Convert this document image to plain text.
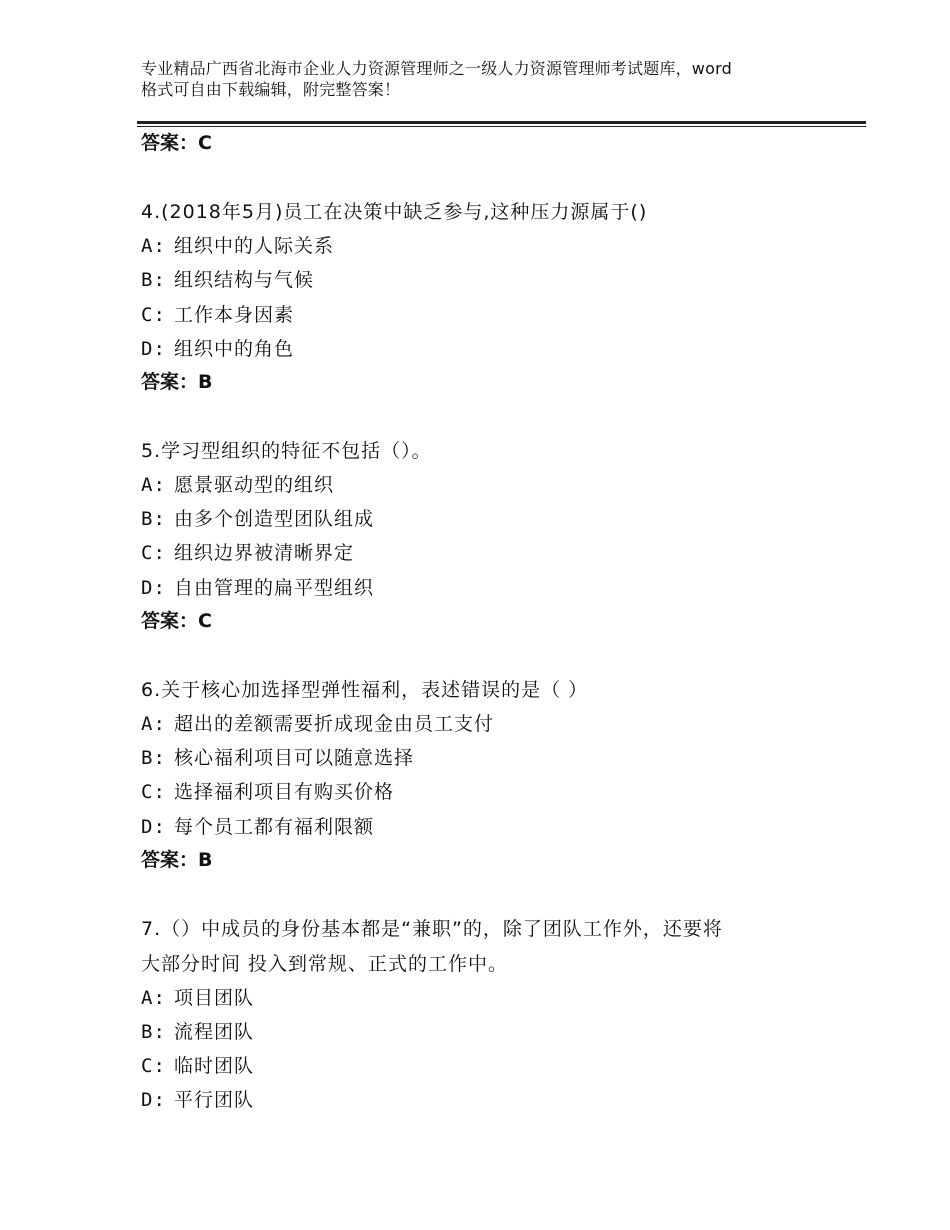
专业精品广西省北海市企业人力资源管理师之一级人力资源管理师考试题库，word
格式可自由下载编辑，附完整答案！
答案：C
4.(2018年5月)员工在决策中缺乏参与,这种压力源属于()
A: 组织中的人际关系
B: 组织结构与气候
C: 工作本身因素
D: 组织中的角色
答案：B
5.学习型组织的特征不包括（）。
A: 愿景驱动型的组织
B: 由多个创造型团队组成
C: 组织边界被清晰界定
D: 自由管理的扁平型组织
答案：C
6.关于核心加选择型弹性福利，表述错误的是（ ）
A: 超出的差额需要折成现金由员工支付
B: 核心福利项目可以随意选择
C: 选择福利项目有购买价格
D: 每个员工都有福利限额
答案：B
7.（）中成员的身份基本都是“兼职”的，除了团队工作外，还要将
大部分时间 投入到常规、正式的工作中。
A: 项目团队
B: 流程团队
C: 临时团队
D: 平行团队
